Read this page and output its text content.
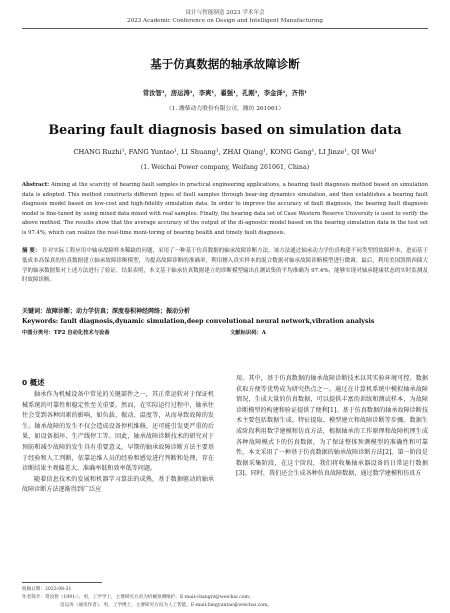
设计与智能制造 2023 学术年会
2023 Academic Conference on Design and Intelligent Manufacturing
基于仿真数据的轴承故障诊断
常汝智¹，房运涛¹，李爽¹，翟强¹，孔刚¹，李金泽¹，齐伟¹
（1. 潍柴动力股份有限公司，潍坊 261061）
Bearing fault diagnosis based on simulation data
CHANG Ruzhi¹, FANG Yuntao¹, LI Shuang¹, ZHAI Qiang¹, KONG Gang¹, LI Jinze¹, QI Wei¹
(1. Weichai Power company, Weifang 261061, China)
Abstract: Aiming at the scarcity of bearing fault samples in practical engineering applications, a bearing fault diagnosis method based on simulation data is adopted. This method constructs different types of fault samples through bear-ing dynamics simulation, and then establishes a bearing fault diagnosis model based on low-cost and high-fidelity simulation data. In order to improve the accuracy of fault diagnosis, the bearing fault diagnosis model is fine-tuned by using mixed data mixed with real samples. Finally, the bearing data set of Case Western Reserve University is used to verify the above method. The results show that the average accuracy of the output of the di-agnostic model based on the bearing simulation data in the test set is 97.4%, which can realize the real-time moni-toring of bearing health and timely fault diagnosis.
摘 要： 针对实际工程应用中轴承故障样本稀缺的问题，采用了一种基于仿真数据的轴承故障诊断方法。该方法通过轴承动力学仿真构建不同类型的故障样本，进而基于低成本高保真的仿真数据建立轴承故障诊断模型，为提高故障诊断的准确率，利用掺入真实样本的混合数据对轴承故障诊断模型进行微调。最后，利用美国凯斯西储大学的轴承数据集对上述方法进行了验证。结果表明，本文基于轴承仿真数据建立的诊断模型输出在测试集的平均准确为 97.4%，能够实现对轴承健康状态的实时监测及时故障诊断。
关键词：故障诊断；动力学仿真；深度卷积神经网络；振动分析
Keywords: fault diagnosis,dynamic simulation,deep convolutional neural network,vibration analysis
中图分类号：TP2 自动化技术与设备	文献标识码：A
0 概述

轴承作为机械设备中常见的关键部件之一，其正常运转对于保证机械系统的可靠性和稳定性至关重要。然而，在实际运行过程中，轴承往往会受到各种因素的影响，如负载、振动、温度等，从而导致故障的发生。轴承故障的发生不仅会造成设备停机维修，还可能引发更严重的后果，如设备损坏、生产线停工等。因此，轴承故障诊断技术的研究对于预防和减少故障的发生具有重要意义。早期的轴承故障诊断方法主要基于经验和人工判断，依靠运维人员的经验和感觉进行判断和处理，存在诊断结果主观偏差大、准确率低和效率低等问题。

随着信息技术的发展和机器学习算法的成熟，基于数据驱动的轴承故障诊断方法逐渐得到广泛应

用。其中，基于仿真数据的轴承故障诊断技术以其实验环境可控、数据获取方便等优势成为研究热点之一。通过在计算机系统中模拟轴承故障情况，生成大量的仿真数据，可以提供丰富的训练和测试样本，为故障诊断模型的构建和验证提供了便利[1]。基于仿真数据的轴承故障诊断技术主要包括数据生成、特征提取、模型建立和故障诊断等步骤。数据生成阶段利用数学建模和仿真方法，根据轴承的工作原理和故障机理生成各种故障模式下的仿真数据，为了保证整体预测模型的准确性和可靠性，本文采用了一种基于仿真数据的轴承故障诊断方法[2]。第一阶段是数据采集阶段，在这个阶段，我们将收集轴承器设备的日常运行数据[3]。同时，我们还会生成各种仿真故障数据，通过数学建模和仿真方

收稿日期：2023-08-31
作者简介：常汝智（1991-），男，工学学士，主要研究方向为机械预测维护。E-mail:changrz@weichai.com；
房运涛（通讯作者），男，工学博士，主要研究方向为人工智能。E-mail:fangyuntao@weichai.com。
